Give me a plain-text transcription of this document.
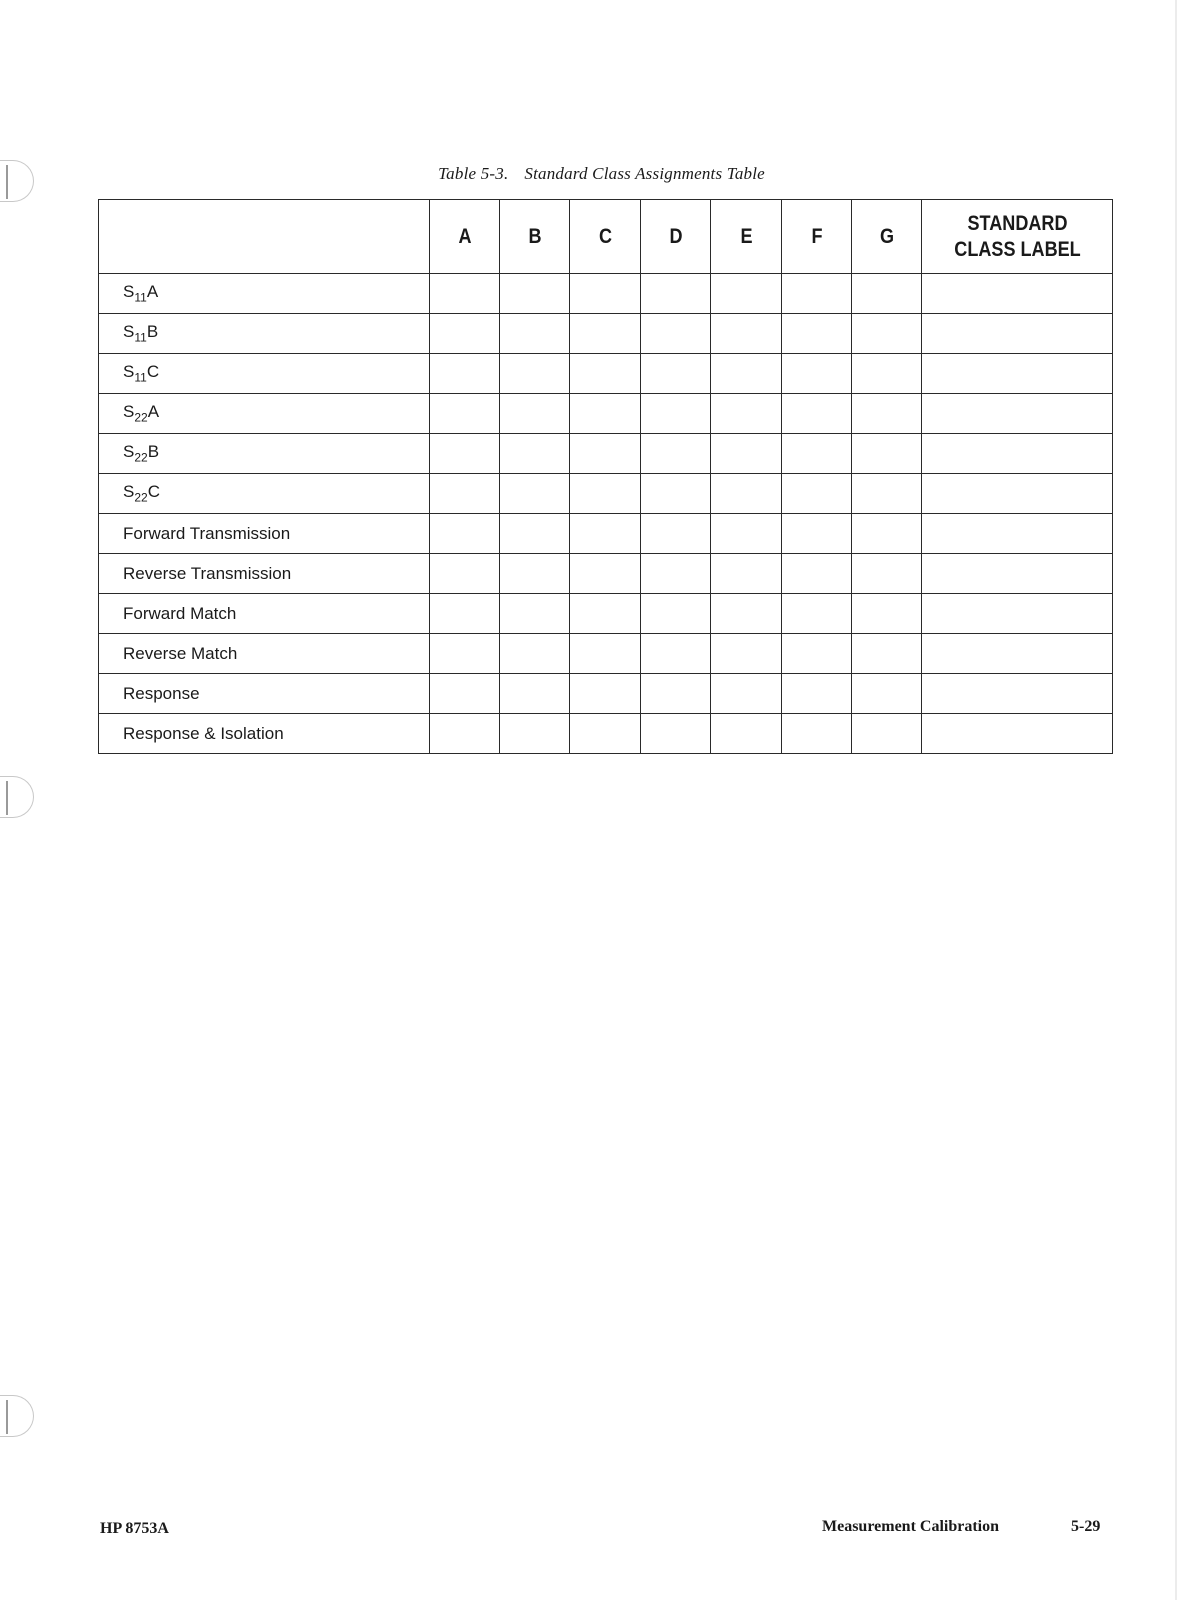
Table 5-3. Standard Class Assignments Table
	A	B	C	D	E	F	G	STANDARD
CLASS LABEL
$S_{11}A$								
$S_{11}B$								
$S_{11}C$								
$S_{22}A$								
$S_{22}B$								
$S_{22}C$								
Forward Transmission								
Reverse Transmission								
Forward Match								
Reverse Match								
Response								
Response & Isolation								
HP 8753A	Measurement Calibration	5-29
